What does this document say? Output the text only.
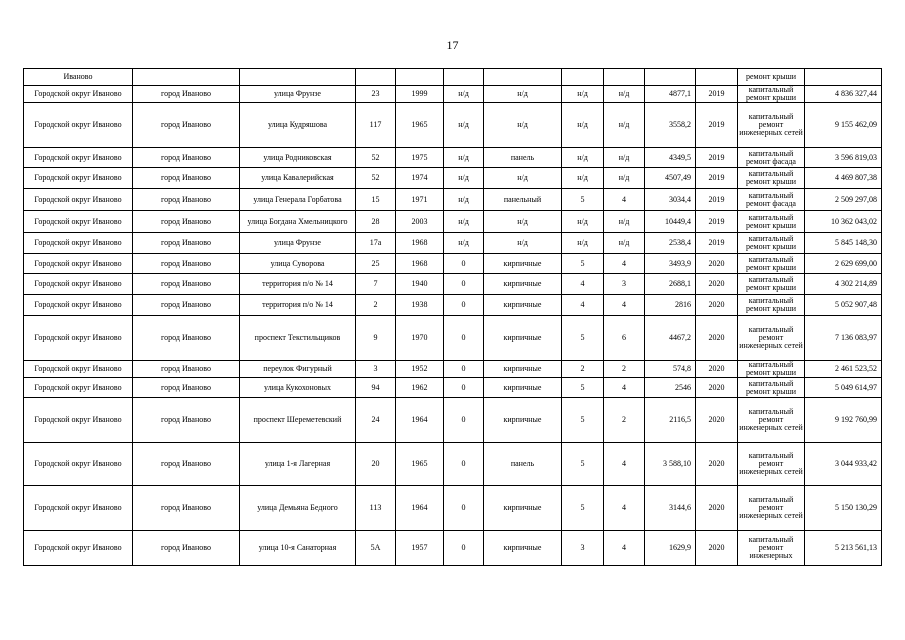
17
Иваново											ремонт крыши	
Городской округ Иваново	город Иваново	улица Фрунзе	23	1999	н/д	н/д	н/д	н/д	4877,1	2019	капитальный ремонт крыши	4 836 327,44
Городской округ Иваново	город Иваново	улица Кудряшова	117	1965	н/д	н/д	н/д	н/д	3558,2	2019	капитальный ремонт инженерных сетей	9 155 462,09
Городской округ Иваново	город Иваново	улица Родниковская	52	1975	н/д	панель	н/д	н/д	4349,5	2019	капитальный ремонт фасада	3 596 819,03
Городской округ Иваново	город Иваново	улица Кавалерийская	52	1974	н/д	н/д	н/д	н/д	4507,49	2019	капитальный ремонт крыши	4 469 807,38
Городской округ Иваново	город Иваново	улица Генерала Горбатова	15	1971	н/д	панельный	5	4	3034,4	2019	капитальный ремонт фасада	2 509 297,08
Городской округ Иваново	город Иваново	улица Богдана Хмельницкого	28	2003	н/д	н/д	н/д	н/д	10449,4	2019	капитальный ремонт крыши	10 362 043,02
Городской округ Иваново	город Иваново	улица Фрунзе	17а	1968	н/д	н/д	н/д	н/д	2538,4	2019	капитальный ремонт крыши	5 845 148,30
Городской округ Иваново	город Иваново	улица Суворова	25	1968	0	кирпичные	5	4	3493,9	2020	капитальный ремонт крыши	2 629 699,00
Городской округ Иваново	город Иваново	территория п/о № 14	7	1940	0	кирпичные	4	3	2688,1	2020	капитальный ремонт крыши	4 302 214,89
Городской округ Иваново	город Иваново	территория п/о № 14	2	1938	0	кирпичные	4	4	2816	2020	капитальный ремонт крыши	5 052 907,48
Городской округ Иваново	город Иваново	проспект Текстильщиков	9	1970	0	кирпичные	5	6	4467,2	2020	капитальный ремонт инженерных сетей	7 136 083,97
Городской округ Иваново	город Иваново	переулок Фигурный	3	1952	0	кирпичные	2	2	574,8	2020	капитальный ремонт крыши	2 461 523,52
Городской округ Иваново	город Иваново	улица Кукохоновых	94	1962	0	кирпичные	5	4	2546	2020	капитальный ремонт крыши	5 049 614,97
Городской округ Иваново	город Иваново	проспект Шереметевский	24	1964	0	кирпичные	5	2	2116,5	2020	капитальный ремонт инженерных сетей	9 192 760,99
Городской округ Иваново	город Иваново	улица 1-я Лагерная	20	1965	0	панель	5	4	3 588,10	2020	капитальный ремонт инженерных сетей	3 044 933,42
Городской округ Иваново	город Иваново	улица Демьяна Бедного	113	1964	0	кирпичные	5	4	3144,6	2020	капитальный ремонт инженерных сетей	5 150 130,29
Городской округ Иваново	город Иваново	улица 10-я Санаторная	5А	1957	0	кирпичные	3	4	1629,9	2020	капитальный ремонт инженерных	5 213 561,13
